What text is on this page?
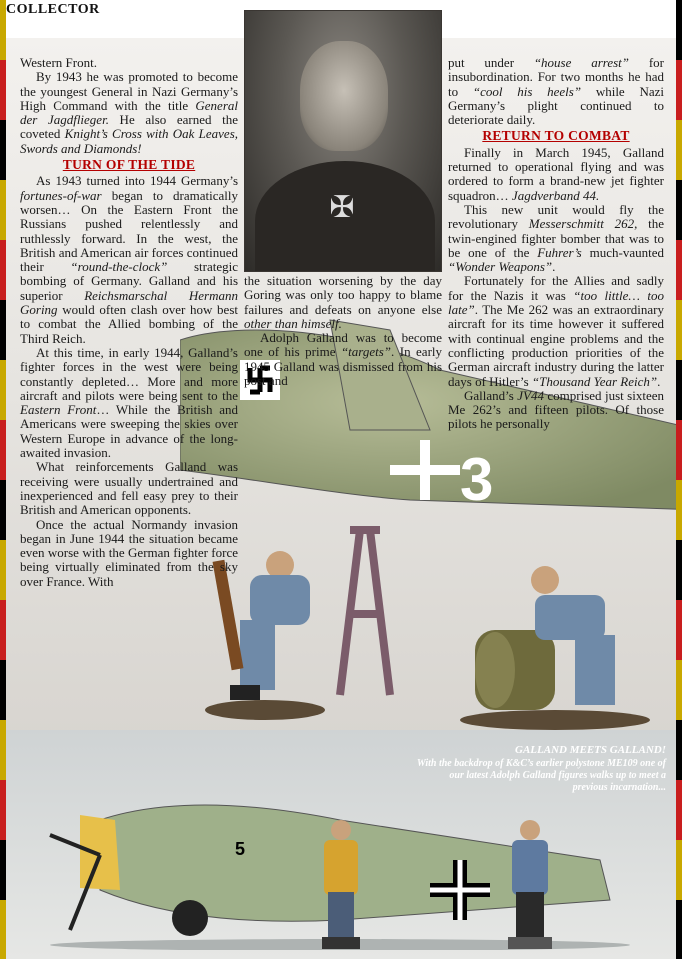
COLLECTOR
3
5
GALLAND MEETS GALLAND!
With the backdrop of K&C’s earlier polystone ME109 one of our latest Adolph Galland figures walks up to meet a previous incarnation...
✠

Western Front.

By 1943 he was promoted to become the youngest General in Nazi Germany’s High Command with the title General der Jagdflieger. He also earned the coveted Knight’s Cross with Oak Leaves, Swords and Diamonds!

TURN OF THE TIDE

As 1943 turned into 1944 Germany’s fortunes-of-war began to dramatically worsen… On the Eastern Front the Russians pushed relentlessly and ruthlessly forward. In the west, the British and American air forces continued their “round-the-clock” strategic bombing of Germany. Galland and his superior Reichsmarschal Hermann Goring would often clash over how best to combat the Allied bombing of the Third Reich.

At this time, in early 1944, Galland’s fighter forces in the west were being constantly depleted… More and more aircraft and pilots were being sent to the Eastern Front… While the British and Americans were sweeping the skies over Western Europe in advance of the long-awaited invasion.

What reinforcements Galland was receiving were usually undertrained and inexperienced and fell easy prey to their British and American opponents.

Once the actual Normandy invasion began in June 1944 the situation became even worse with the German fighter force being virtually eliminated from the sky over France. With

the situation worsening by the day Goring was only too happy to blame failures and defeats on anyone else other than himself.

Adolph Galland was to become one of his prime “targets”. In early 1945 Galland was dismissed from his post and

put under “house arrest” for insubordination. For two months he had to “cool his heels” while Nazi Germany’s plight continued to deteriorate daily.

RETURN TO COMBAT

Finally in March 1945, Galland returned to operational flying and was ordered to form a brand-new jet fighter squadron… Jagdverband 44.

This new unit would fly the revolutionary Messerschmitt 262, the twin-engined fighter bomber that was to be one of the Fuhrer’s much-vaunted “Wonder Weapons”.

Fortunately for the Allies and sadly for the Nazis it was “too little… too late”. The Me 262 was an extraordinary aircraft for its time however it suffered with continual engine problems and the conflicting production priorities of the German aircraft industry during the latter days of Hitler’s “Thousand Year Reich”.

Galland’s JV44 comprised just sixteen Me 262’s and fifteen pilots. Of those pilots he personally
